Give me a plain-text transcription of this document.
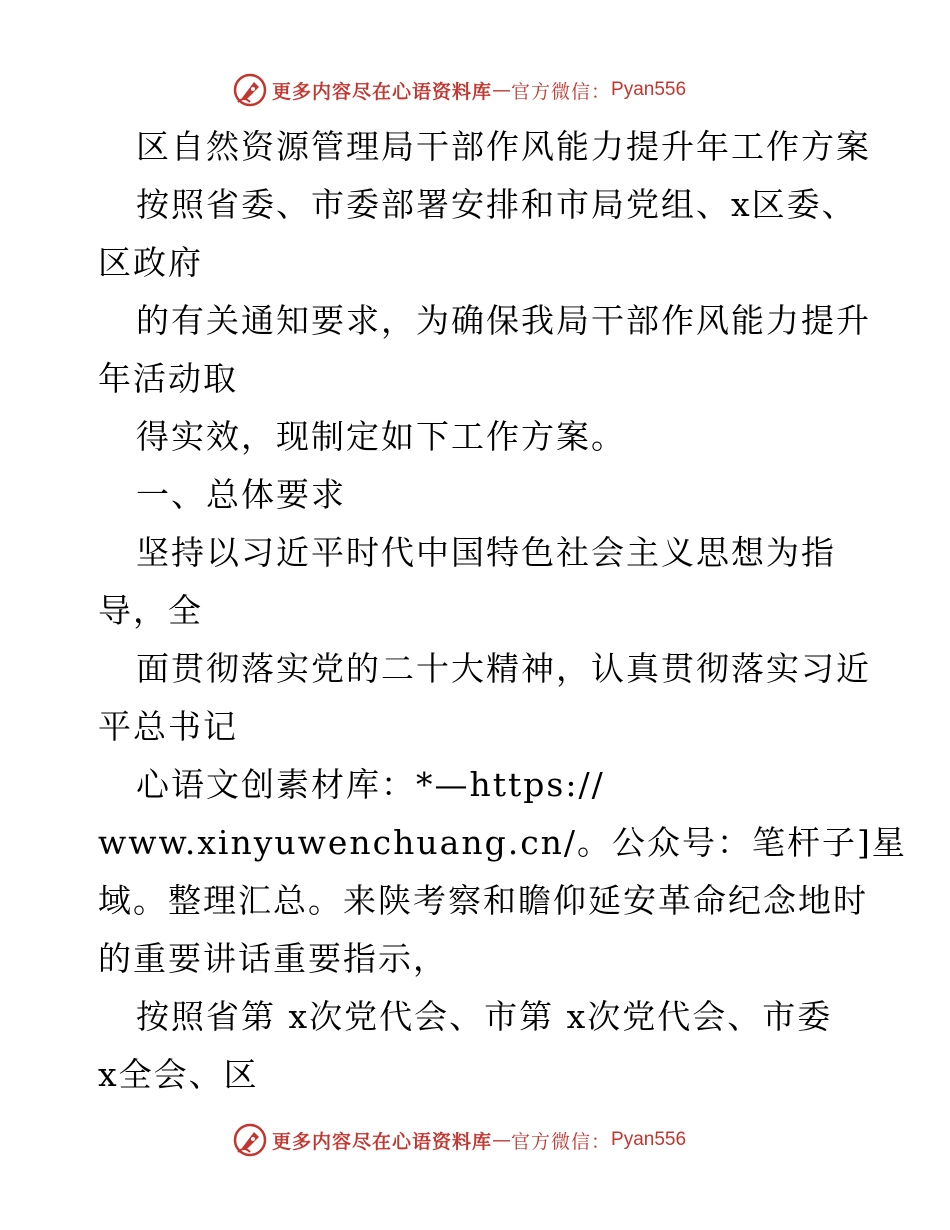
更多内容尽在心语资料库 — 官方微信： Pyan556
区自然资源管理局干部作风能力提升年工作方案
按照省委、市委部署安排和市局党组、x区委、
区政府
的有关通知要求，为确保我局干部作风能力提升
年活动取
得实效，现制定如下工作方案。
一、总体要求
坚持以习近平时代中国特色社会主义思想为指
导，全
面贯彻落实党的二十大精神，认真贯彻落实习近
平总书记
心语文创素材库：*—https://
www.xinyuwenchuang.cn/。公众号：笔杆子]星
域。整理汇总。来陕考察和瞻仰延安革命纪念地时
的重要讲话重要指示，
按照省第 x次党代会、市第 x次党代会、市委
x全会、区
更多内容尽在心语资料库 — 官方微信： Pyan556
